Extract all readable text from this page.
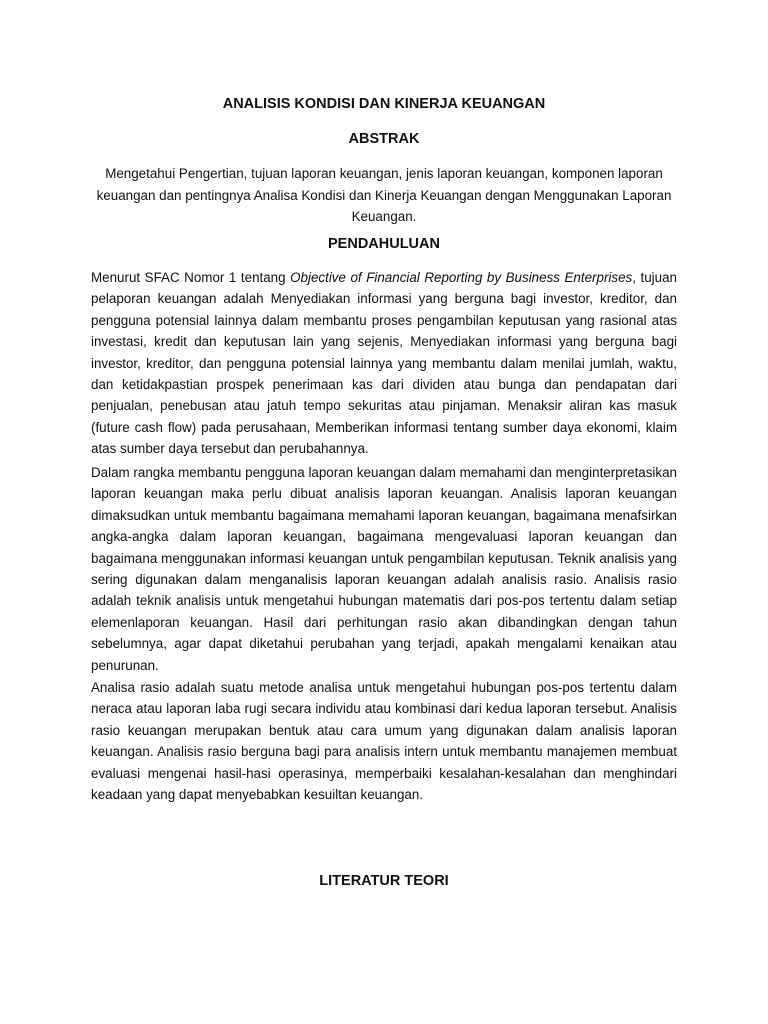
ANALISIS KONDISI DAN KINERJA KEUANGAN
ABSTRAK

Mengetahui Pengertian, tujuan laporan keuangan, jenis laporan keuangan, komponen laporan keuangan dan pentingnya Analisa Kondisi dan Kinerja Keuangan dengan Menggunakan Laporan Keuangan.

PENDAHULUAN

Menurut SFAC Nomor 1 tentang Objective of Financial Reporting by Business Enterprises, tujuan pelaporan keuangan adalah Menyediakan informasi yang berguna bagi investor, kreditor, dan pengguna potensial lainnya dalam membantu proses pengambilan keputusan yang rasional atas investasi, kredit dan keputusan lain yang sejenis, Menyediakan informasi yang berguna bagi investor, kreditor, dan pengguna potensial lainnya yang membantu dalam menilai jumlah, waktu, dan ketidakpastian prospek penerimaan kas dari dividen atau bunga dan pendapatan dari penjualan, penebusan atau jatuh tempo sekuritas atau pinjaman. Menaksir aliran kas masuk (future cash flow) pada perusahaan, Memberikan informasi tentang sumber daya ekonomi, klaim atas sumber daya tersebut dan perubahannya.

Dalam rangka membantu pengguna laporan keuangan dalam memahami dan menginterpretasikan laporan keuangan maka perlu dibuat analisis laporan keuangan. Analisis laporan keuangan dimaksudkan untuk membantu bagaimana memahami laporan keuangan, bagaimana menafsirkan angka-angka dalam laporan keuangan, bagaimana mengevaluasi laporan keuangan dan bagaimana menggunakan informasi keuangan untuk pengambilan keputusan. Teknik analisis yang sering digunakan dalam menganalisis laporan keuangan adalah analisis rasio. Analisis rasio adalah teknik analisis untuk mengetahui hubungan matematis dari pos-pos tertentu dalam setiap elemenlaporan keuangan. Hasil dari perhitungan rasio akan dibandingkan dengan tahun sebelumnya, agar dapat diketahui perubahan yang terjadi, apakah mengalami kenaikan atau penurunan.

Analisa rasio adalah suatu metode analisa untuk mengetahui hubungan pos-pos tertentu dalam neraca atau laporan laba rugi secara individu atau kombinasi dari kedua laporan tersebut. Analisis rasio keuangan merupakan bentuk atau cara umum yang digunakan dalam analisis laporan keuangan. Analisis rasio berguna bagi para analisis intern untuk membantu manajemen membuat evaluasi mengenai hasil-hasi operasinya, memperbaiki kesalahan-kesalahan dan menghindari keadaan yang dapat menyebabkan kesuiltan keuangan.

LITERATUR TEORI
